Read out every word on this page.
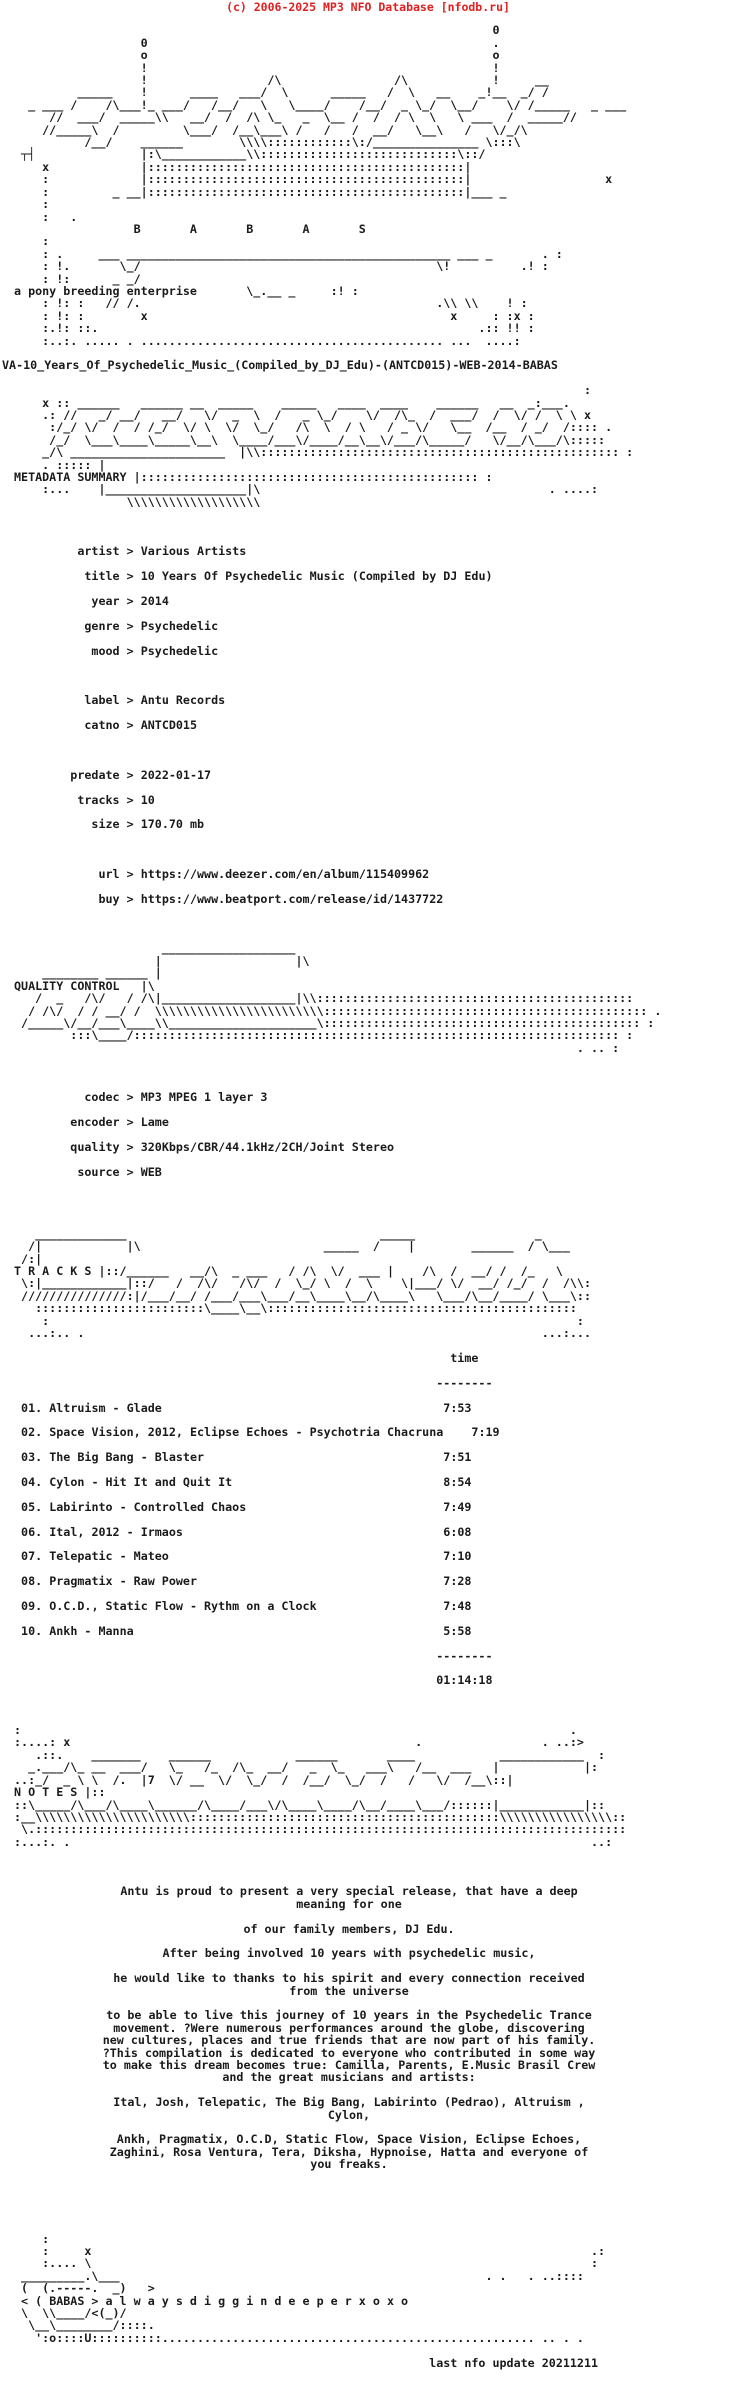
(c) 2006-2025 MP3 NFO Database [nfodb.ru]

0
0                                                 .
o                                                 o
!                                                 !
!                 /\                /\            !     __
_____    !      ____   ___/  \      _____   /  \   __    _!__  _/ /
_ ___ /    /\___!_ ___/   /__/   \   \____/    /__/  _ \_/  \__/    \/ /_____   _ ___
//  ___/  _____\\   __/  /  /\ \_   _  \__ /  /  / \  \   \ ___  /  _____//
//_____\  /         \___/  /__\___\ /   /   /  __/   \__\   /   \/_/\
/__/    ______        \\\\::::::::::::\:/_______________ \:::\
┬┤               |:\____________\\::::::::::::::::::::::::::::\::/
x             |:::::::::::::::::::::::::::::::::::::::::::::|
:             |:::::::::::::::::::::::::::::::::::::::::::::|                   x
:         _ __|:::::::::::::::::::::::::::::::::::::::::::::|___ _
:
:   .
B       A       B       A       S
:
: .     ___ ______________________________________________ ___ _       . :
: !.       \_/                                          \!          .! :
: !:      _ _/
a pony breeding enterprise	\_.__ _     :! :
: !: :   // /.                                          .\\ \\    ! :
: !: :        x                                           x     : :x :
:.!: ::.                                                      .:: !! :
:..:. ..... . ........................................... ...  ....:

VA-10_Years_Of_Psychedelic_Music_(Compiled_by_DJ_Edu)-(ANTCD015)-WEB-2014-BABAS

:
x :: ______   ______ __  _____    _____   ____  ____    ______   __  _:___.
.: //   _/ __/   __/   \/  _  \  /   _ \_/    \/  /\_  /  ___/  /  \/ /  \ \ x
:/_/ \/  /  / /_/  \/ \  \/  \_/   /\  \  / \   / _ \/   \__  /__  / _/  /:::: .
/_/  \___\____\_____\__\  \____/___\/____/__\__\/___/\_____/   \/__/\___/\:::::
_/\ ______________________  |\\::::::::::::::::::::::::::::::::::::::::::::::::::: :
. ::::: |
METADATA SUMMARY |:::::::::::::::::::::::::::::::::::::::::::::::: :
:...    |____________________|\                                         . ....:
\\\\\\\\\\\\\\\\\\\

artist > Various Artists

title > 10 Years Of Psychedelic Music (Compiled by DJ Edu)

year > 2014

genre > Psychedelic

mood > Psychedelic

label > Antu Records

catno > ANTCD015

predate > 2022-01-17

tracks > 10

size > 170.70 mb

url > https://www.deezer.com/en/album/115409962

buy > https://www.beatport.com/release/id/1437722

___________________
|                   |\
________ ______ |
QUALITY CONTROL   |\
/  _   /\/   / /\|___________________|\\:::::::::::::::::::::::::::::::::::::::::::::
/ /\/  / / __/ /  \\\\\\\\\\\\\\\\\\\\\\\\:::::::::::::::::::::::::::::::::::::::::::::: .
/_____\/__/___\____\\_____________________\::::::::::::::::::::::::::::::::::::::::::::: :
:::\____/::::::::::::::::::::::::::::::::::::::::::::::::::::::::::::::::::::: :
. .. :

codec > MP3 MPEG 1 layer 3

encoder > Lame

quality > 320Kbps/CBR/44.1kHz/2CH/Joint Stereo

source > WEB

_____________                                    _____                 _
/|            |\                          _____  /    |        ______  / \___
/:|
T R A C K S |::/______   __/\  _ ___   / /\  \/  ___ |    /\  /  __/ /  /_   \
\:|____________|::/   /  /\/   /\/  /  \_/ \  /  \    \|___/ \/  __/ /_/  /  /\\:
///////////////:|/___/__/ /___/___\___/__\____\__/\____\   \___/\__/____/ \___\::
::::::::::::::::::::::::\____\__\::::::::::::::::::::::::::::::::::::::::::::
:                                                                           :
...:.. .                                                                 ...:...

time

--------

01. Altruism - Glade	7:53

02. Space Vision, 2012, Eclipse Echoes - Psychotria Chacruna 7:19

03. The Big Bang - Blaster	7:51

04. Cylon - Hit It and Quit It	8:54

05. Labirinto - Controlled Chaos	7:49

06. Ital, 2012 - Irmaos	6:08

07. Telepatic - Mateo	7:10

08. Pragmatix - Raw Power	7:28

09. O.C.D., Static Flow - Rythm on a Clock	7:48

10. Ankh - Manna	5:58

--------

01:14:18

:                                                                              .
:....: x                                                 .                 . ..:>
.::.    _______    ______            ______       ____            ____________  :
_.___/\_ __  ___/   \_   /_  /\_  __/   _  \_   ___\   /__  ___   |            |:
..:_/  _ \ \  /.  |7  \/ __  \/  \_/  /  /__/  \_/  /   /   \/  /__\::|
N O T E S |::
::\_____/\___/\____\______/\____/___\/\____\____/\__/____\___/::::::|____________|::
:__\\\\\\\\\\\\\\\\\\\\\\::::::::::::::::::::::::::::::::::::::::::::\\\\\\\\\\\\\\\\::
\.::::::::::::::::::::::::::::::::::::::::::::::::::::::::::::::::::::::::::::::::::::
:...:. .                                                                          ..:

Antu is proud to present a very special release, that have a deep
meaning for one
of our family members, DJ Edu.
After being involved 10 years with psychedelic music,
he would like to thanks to his spirit and every connection received
from the universe
to be able to live this journey of 10 years in the Psychedelic Trance
movement. ?Were numerous performances around the globe, discovering
new cultures, places and true friends that are now part of his family.
?This compilation is dedicated to everyone who contributed in some way
to make this dream becomes true: Camilla, Parents, E.Music Brasil Crew
and the great musicians and artists:
Ital, Josh, Telepatic, The Big Bang, Labirinto (Pedrao), Altruism ,
Cylon,
Ankh, Pragmatix, O.C.D, Static Flow, Space Vision, Eclipse Echoes,
Zaghini, Rosa Ventura, Tera, Diksha, Hypnoise, Hatta and everyone of
you freaks.

:
:     x                                                                       .:
:.... \                                                                       :
_________.\___                                                    . .   . ..::::
(  (.-----.  _)   >
< ( BABAS > a l w a y s d i g g i n d e e p e r x o x o
\  \\____/<(_)/
\__\________/::::.
':o::::U::::::::::..................................................... .. . .

last nfo update 20211211
